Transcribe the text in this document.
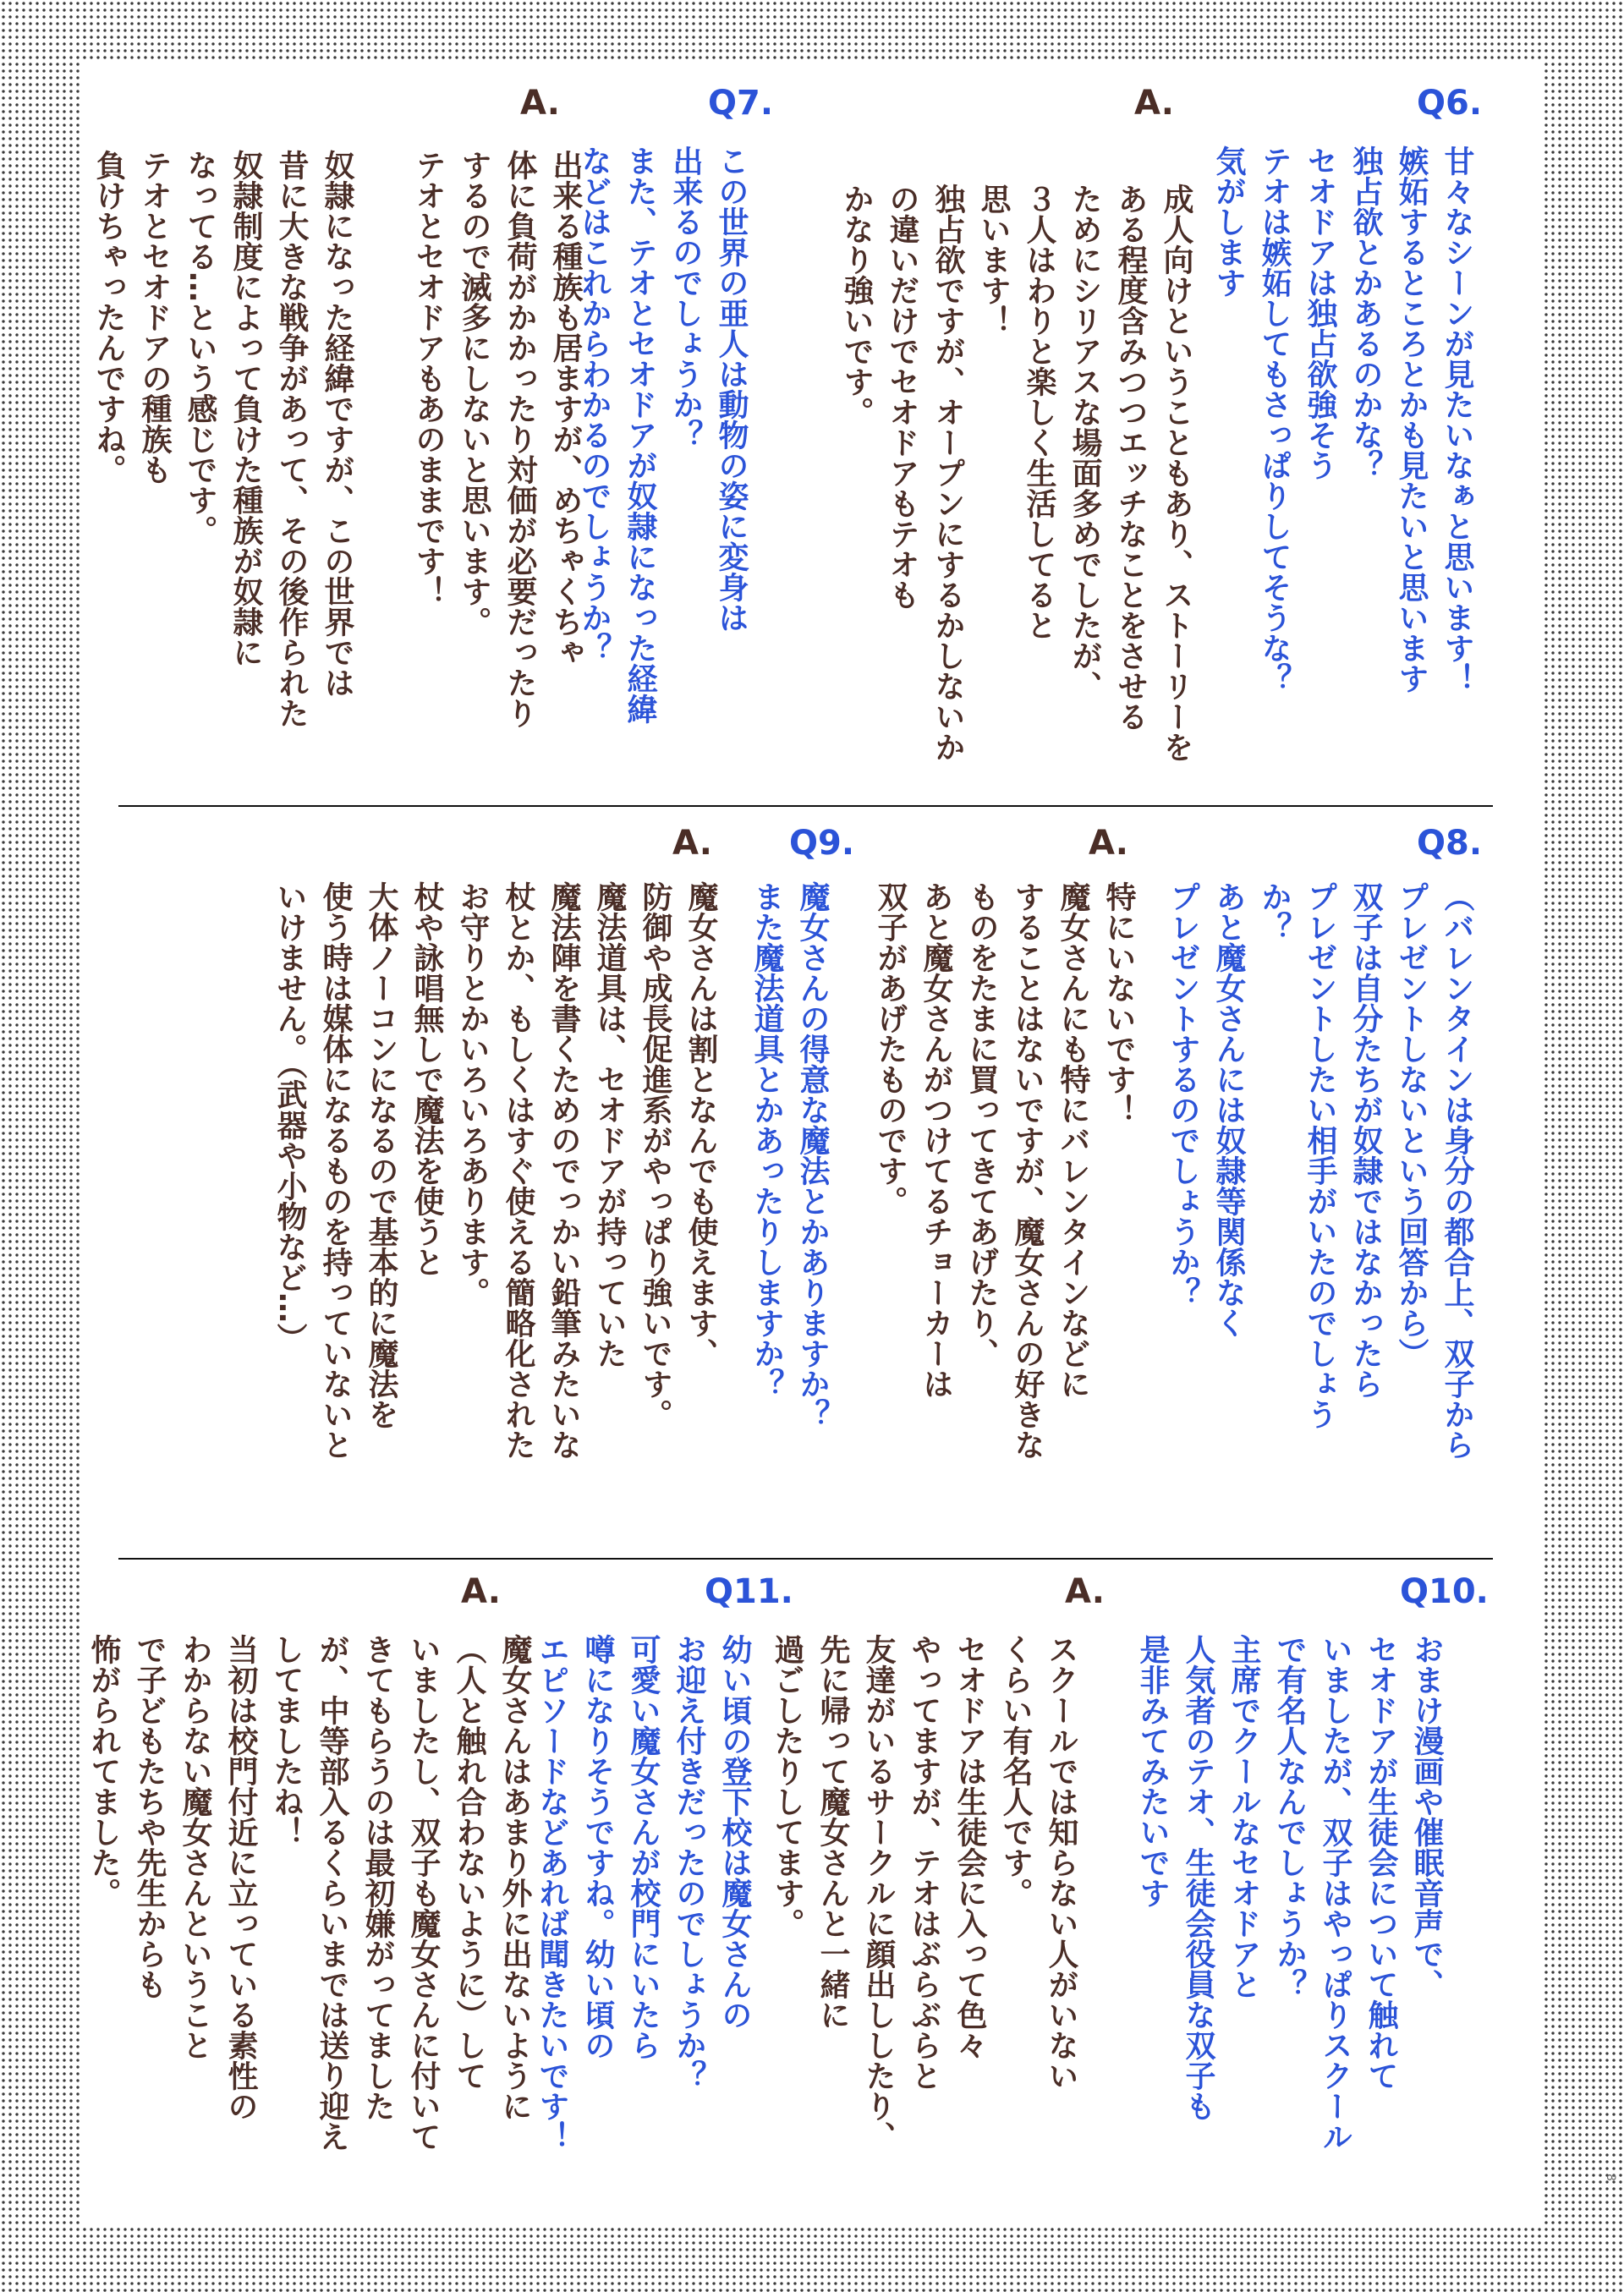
Q6.

甘々なシーンが見たいなぁと思います！
嫉妬するところとかも見たいと思います
独占欲とかあるのかな？
セオドアは独占欲強そう
テオは嫉妬してもさっぱりしてそうな？
気がします

A.

成人向けということもあり、ストーリーを
ある程度含みつつエッチなことをさせる
ためにシリアスな場面多めでしたが、
３人はわりと楽しく生活してると
思います！
独占欲ですが、オープンにするかしないか
の違いだけでセオドアもテオも
かなり強いです。

Q7.

この世界の亜人は動物の姿に変身は
出来るのでしょうか？
また、テオとセオドアが奴隷になった経緯
などはこれからわかるのでしょうか？

A.

出来る種族も居ますが、めちゃくちゃ
体に負荷がかかったり対価が必要だったり
するので滅多にしないと思います。
テオとセオドアもあのままです！

奴隷になった経緯ですが、この世界では
昔に大きな戦争があって、その後作られた
奴隷制度によって負けた種族が奴隷に
なってる…という感じです。
テオとセオドアの種族も
負けちゃったんですね。

Q8.

（バレンタインは身分の都合上、双子から
プレゼントしないという回答から）
双子は自分たちが奴隷ではなかったら
プレゼントしたい相手がいたのでしょう
か？
あと魔女さんには奴隷等関係なく
プレゼントするのでしょうか？

A.

特にいないです！
魔女さんにも特にバレンタインなどに
することはないですが、魔女さんの好きな
ものをたまに買ってきてあげたり、
あと魔女さんがつけてるチョーカーは
双子があげたものです。

Q9.

魔女さんの得意な魔法とかありますか？
また魔法道具とかあったりしますか？

A.

魔女さんは割となんでも使えます、
防御や成長促進系がやっぱり強いです。
魔法道具は、セオドアが持っていた
魔法陣を書くためのでっかい鉛筆みたいな
杖とか、もしくはすぐ使える簡略化された
お守りとかいろいろあります。
杖や詠唱無しで魔法を使うと
大体ノーコンになるので基本的に魔法を
使う時は媒体になるものを持っていないと
いけません。（武器や小物など…）

Q10.

おまけ漫画や催眠音声で、
セオドアが生徒会について触れて
いましたが、双子はやっぱりスクール
で有名人なんでしょうか？
主席でクールなセオドアと
人気者のテオ、生徒会役員な双子も
是非みてみたいです

A.

スクールでは知らない人がいない
くらい有名人です。
セオドアは生徒会に入って色々
やってますが、テオはぶらぶらと
友達がいるサークルに顔出ししたり、
先に帰って魔女さんと一緒に
過ごしたりしてます。

Q11.

幼い頃の登下校は魔女さんの
お迎え付きだったのでしょうか？
可愛い魔女さんが校門にいたら
噂になりそうですね。幼い頃の
エピソードなどあれば聞きたいです！

A.

魔女さんはあまり外に出ないように
（人と触れ合わないように）して
いましたし、双子も魔女さんに付いて
きてもらうのは最初嫌がってました
が、中等部入るくらいまでは送り迎え
してましたね！
当初は校門付近に立っている素性の
わからない魔女さんということ
で子どもたちや先生からも
怖がられてました。

8
